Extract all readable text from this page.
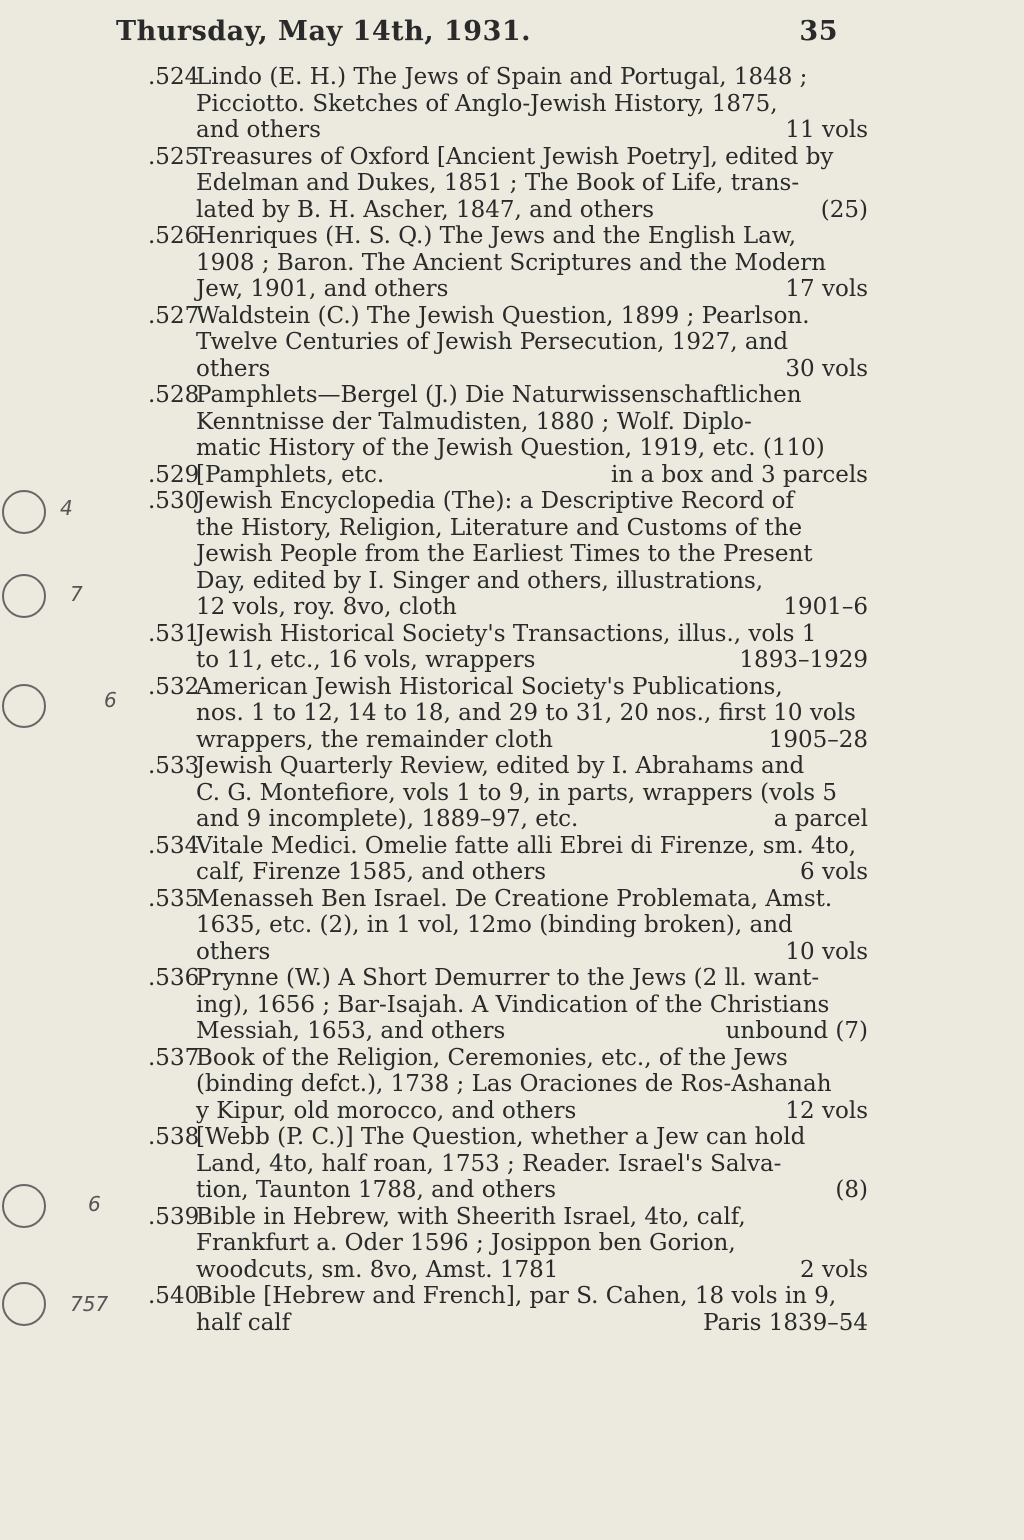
Thursday, May 14th, 1931.	35
4
7
6
6
757
.524Lindo (E. H.) The Jews of Spain and Portugal, 1848 ;
Picciotto. Sketches of Anglo-Jewish History, 1875,
and others	11 vols
.525Treasures of Oxford [Ancient Jewish Poetry], edited by
Edelman and Dukes, 1851 ; The Book of Life, trans-
lated by B. H. Ascher, 1847, and others	(25)
.526Henriques (H. S. Q.) The Jews and the English Law,
1908 ; Baron. The Ancient Scriptures and the Modern
Jew, 1901, and others	17 vols
.527Waldstein (C.) The Jewish Question, 1899 ; Pearlson.
Twelve Centuries of Jewish Persecution, 1927, and
others	30 vols
.528Pamphlets—Bergel (J.) Die Naturwissenschaftlichen
Kenntnisse der Talmudisten, 1880 ; Wolf. Diplo-
matic History of the Jewish Question, 1919, etc. (110)
.529[Pamphlets, etc.	in a box and 3 parcels
.530Jewish Encyclopedia (The): a Descriptive Record of
the History, Religion, Literature and Customs of the
Jewish People from the Earliest Times to the Present
Day, edited by I. Singer and others, illustrations,
12 vols, roy. 8vo, cloth	1901–6
.531Jewish Historical Society's Transactions, illus., vols 1
to 11, etc., 16 vols, wrappers	1893–1929
.532American Jewish Historical Society's Publications,
nos. 1 to 12, 14 to 18, and 29 to 31, 20 nos., first 10 vols
wrappers, the remainder cloth	1905–28
.533Jewish Quarterly Review, edited by I. Abrahams and
C. G. Montefiore, vols 1 to 9, in parts, wrappers (vols 5
and 9 incomplete), 1889–97, etc.	a parcel
.534Vitale Medici. Omelie fatte alli Ebrei di Firenze, sm. 4to,
calf, Firenze 1585, and others	6 vols
.535Menasseh Ben Israel. De Creatione Problemata, Amst.
1635, etc. (2), in 1 vol, 12mo (binding broken), and
others	10 vols
.536Prynne (W.) A Short Demurrer to the Jews (2 ll. want-
ing), 1656 ; Bar-Isajah. A Vindication of the Christians
Messiah, 1653, and others	unbound (7)
.537Book of the Religion, Ceremonies, etc., of the Jews
(binding defct.), 1738 ; Las Oraciones de Ros-Ashanah
y Kipur, old morocco, and others	12 vols
.538[Webb (P. C.)] The Question, whether a Jew can hold
Land, 4to, half roan, 1753 ; Reader. Israel's Salva-
tion, Taunton 1788, and others	(8)
.539Bible in Hebrew, with Sheerith Israel, 4to, calf,
Frankfurt a. Oder 1596 ; Josippon ben Gorion,
woodcuts, sm. 8vo, Amst. 1781	2 vols
.540Bible [Hebrew and French], par S. Cahen, 18 vols in 9,
half calf	Paris 1839–54
